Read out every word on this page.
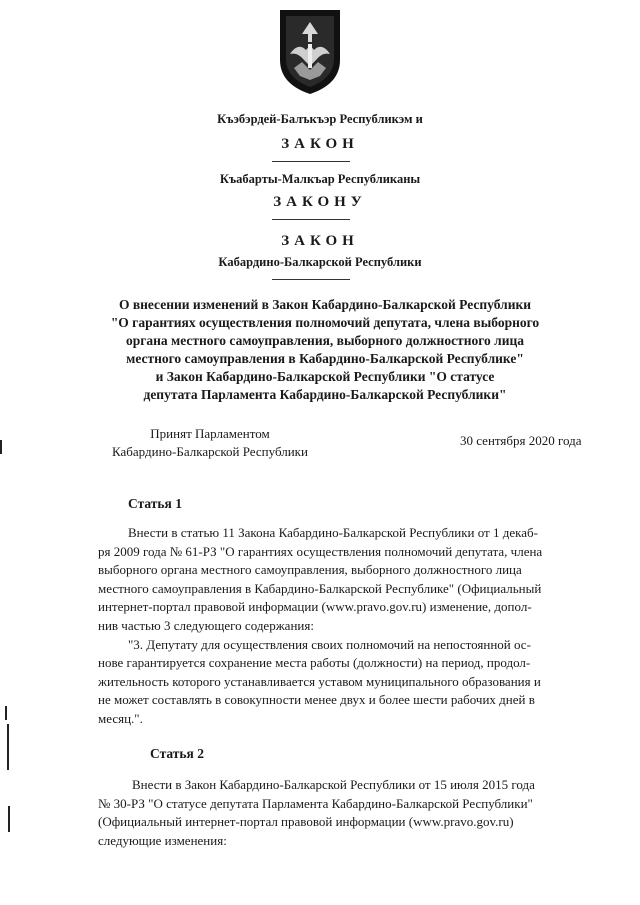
Къэбэрдей-Балъкъэр Республикэм и
ЗАКОН
Къабарты-Малкъар Республиканы
ЗАКОНУ
ЗАКОН
Кабардино-Балкарской Республики
О внесении изменений в Закон Кабардино-Балкарской Республики
"О гарантиях осуществления полномочий депутата, члена выборного
органа местного самоуправления, выборного должностного лица
местного самоуправления в Кабардино-Балкарской Республике"
и Закон Кабардино-Балкарской Республики "О статусе
депутата Парламента Кабардино-Балкарской Республики"
Принят Парламентом
Кабардино-Балкарской Республики
30 сентября 2020 года
Статья 1
Внести в статью 11 Закона Кабардино-Балкарской Республики от 1 декаб-
ря 2009 года № 61-РЗ "О гарантиях осуществления полномочий депутата, члена
выборного органа местного самоуправления, выборного должностного лица
местного самоуправления в Кабардино-Балкарской Республике" (Официальный
интернет-портал правовой информации (www.pravo.gov.ru) изменение, допол-
нив частью 3 следующего содержания:
"3. Депутату для осуществления своих полномочий на непостоянной ос-
нове гарантируется сохранение места работы (должности) на период, продол-
жительность которого устанавливается уставом муниципального образования и
не может составлять в совокупности менее двух и более шести рабочих дней в
месяц.".
Статья 2
Внести в Закон Кабардино-Балкарской Республики от 15 июля 2015 года
№ 30-РЗ "О статусе депутата Парламента Кабардино-Балкарской Республики"
(Официальный интернет-портал правовой информации (www.pravo.gov.ru)
следующие изменения:
